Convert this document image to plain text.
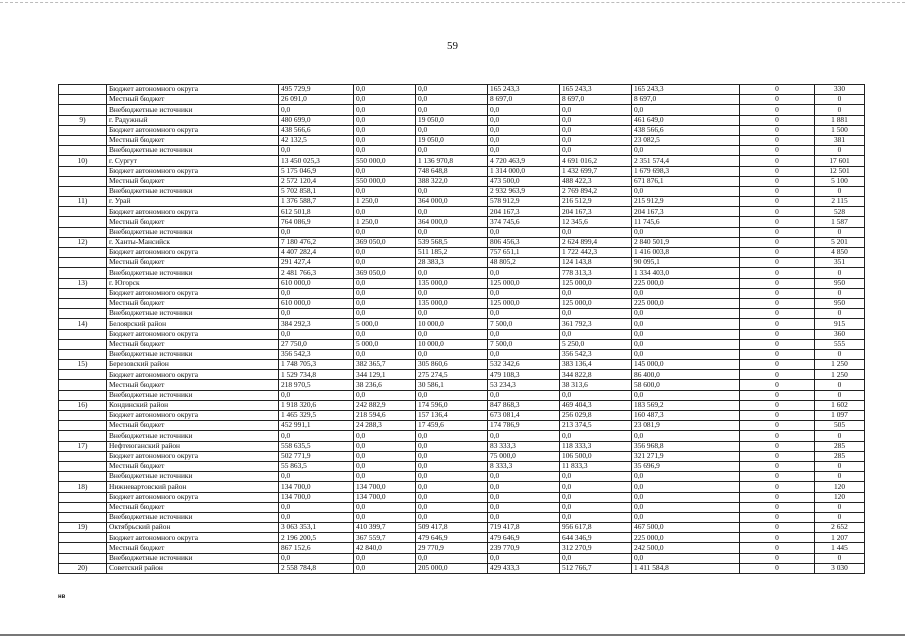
59
	Бюджет автономного округа	495 729,9	0,0	0,0	165 243,3	165 243,3	165 243,3	0	330
	Местный бюджет	26 091,0	0,0	0,0	8 697,0	8 697,0	8 697,0	0	0
	Внебюджетные источники	0,0	0,0	0,0	0,0	0,0	0,0	0	0
9)	г. Радужный	480 699,0	0,0	19 050,0	0,0	0,0	461 649,0	0	1 881
	Бюджет автономного округа	438 566,6	0,0	0,0	0,0	0,0	438 566,6	0	1 500
	Местный бюджет	42 132,5	0,0	19 050,0	0,0	0,0	23 082,5	0	381
	Внебюджетные источники	0,0	0,0	0,0	0,0	0,0	0,0	0	0
10)	г. Сургут	13 450 025,3	550 000,0	1 136 970,8	4 720 463,9	4 691 016,2	2 351 574,4	0	17 601
	Бюджет автономного округа	5 175 046,9	0,0	748 648,8	1 314 000,0	1 432 699,7	1 679 698,3	0	12 501
	Местный бюджет	2 572 120,4	550 000,0	388 322,0	473 500,0	488 422,3	671 876,1	0	5 100
	Внебюджетные источники	5 702 858,1	0,0	0,0	2 932 963,9	2 769 894,2	0,0	0	0
11)	г. Урай	1 376 588,7	1 250,0	364 000,0	578 912,9	216 512,9	215 912,9	0	2 115
	Бюджет автономного округа	612 501,8	0,0	0,0	204 167,3	204 167,3	204 167,3	0	528
	Местный бюджет	764 086,9	1 250,0	364 000,0	374 745,6	12 345,6	11 745,6	0	1 587
	Внебюджетные источники	0,0	0,0	0,0	0,0	0,0	0,0	0	0
12)	г. Ханты-Мансийск	7 180 476,2	369 050,0	539 568,5	806 456,3	2 624 899,4	2 840 501,9	0	5 201
	Бюджет автономного округа	4 407 282,4	0,0	511 185,2	757 651,1	1 722 442,3	1 416 003,8	0	4 850
	Местный бюджет	291 427,4	0,0	28 383,3	48 805,2	124 143,8	90 095,1	0	351
	Внебюджетные источники	2 481 766,3	369 050,0	0,0	0,0	778 313,3	1 334 403,0	0	0
13)	г. Югорск	610 000,0	0,0	135 000,0	125 000,0	125 000,0	225 000,0	0	950
	Бюджет автономного округа	0,0	0,0	0,0	0,0	0,0	0,0	0	0
	Местный бюджет	610 000,0	0,0	135 000,0	125 000,0	125 000,0	225 000,0	0	950
	Внебюджетные источники	0,0	0,0	0,0	0,0	0,0	0,0	0	0
14)	Белоярский район	384 292,3	5 000,0	10 000,0	7 500,0	361 792,3	0,0	0	915
	Бюджет автономного округа	0,0	0,0	0,0	0,0	0,0	0,0	0	360
	Местный бюджет	27 750,0	5 000,0	10 000,0	7 500,0	5 250,0	0,0	0	555
	Внебюджетные источники	356 542,3	0,0	0,0	0,0	356 542,3	0,0	0	0
15)	Березовский район	1 748 705,3	382 365,7	305 860,6	532 342,6	383 136,4	145 000,0	0	1 250
	Бюджет автономного округа	1 529 734,8	344 129,1	275 274,5	479 108,3	344 822,8	86 400,0	0	1 250
	Местный бюджет	218 970,5	38 236,6	30 586,1	53 234,3	38 313,6	58 600,0	0	0
	Внебюджетные источники	0,0	0,0	0,0	0,0	0,0	0,0	0	0
16)	Кондинский район	1 918 320,6	242 882,9	174 596,0	847 868,3	469 404,3	183 569,2	0	1 602
	Бюджет автономного округа	1 465 329,5	218 594,6	157 136,4	673 081,4	256 029,8	160 487,3	0	1 097
	Местный бюджет	452 991,1	24 288,3	17 459,6	174 786,9	213 374,5	23 081,9	0	505
	Внебюджетные источники	0,0	0,0	0,0	0,0	0,0	0,0	0	0
17)	Нефтеюганский район	558 635,5	0,0	0,0	83 333,3	118 333,3	356 968,8	0	285
	Бюджет автономного округа	502 771,9	0,0	0,0	75 000,0	106 500,0	321 271,9	0	285
	Местный бюджет	55 863,5	0,0	0,0	8 333,3	11 833,3	35 696,9	0	0
	Внебюджетные источники	0,0	0,0	0,0	0,0	0,0	0,0	0	0
18)	Нижневартовский район	134 700,0	134 700,0	0,0	0,0	0,0	0,0	0	120
	Бюджет автономного округа	134 700,0	134 700,0	0,0	0,0	0,0	0,0	0	120
	Местный бюджет	0,0	0,0	0,0	0,0	0,0	0,0	0	0
	Внебюджетные источники	0,0	0,0	0,0	0,0	0,0	0,0	0	0
19)	Октябрьский район	3 063 353,1	410 399,7	509 417,8	719 417,8	956 617,8	467 500,0	0	2 652
	Бюджет автономного округа	2 196 200,5	367 559,7	479 646,9	479 646,9	644 346,9	225 000,0	0	1 207
	Местный бюджет	867 152,6	42 840,0	29 770,9	239 770,9	312 270,9	242 500,0	0	1 445
	Внебюджетные источники	0,0	0,0	0,0	0,0	0,0	0,0	0	0
20)	Советский район	2 558 784,8	0,0	205 000,0	429 433,3	512 766,7	1 411 584,8	0	3 030
нв
